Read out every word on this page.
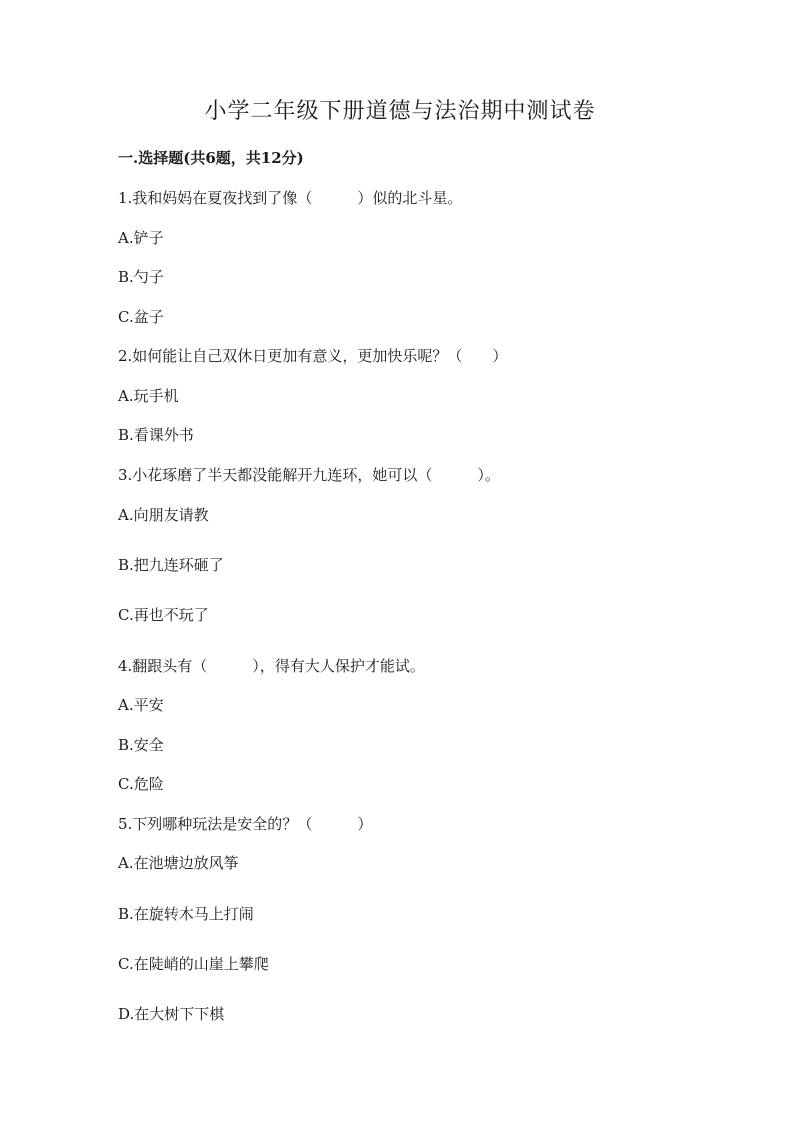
小学二年级下册道德与法治期中测试卷
一.选择题(共6题，共12分)
1.我和妈妈在夏夜找到了像（　　　）似的北斗星。
A.铲子
B.勺子
C.盆子
2.如何能让自己双休日更加有意义，更加快乐呢？（　　）
A.玩手机
B.看课外书
3.小花琢磨了半天都没能解开九连环，她可以（　　　）。
A.向朋友请教
B.把九连环砸了
C.再也不玩了
4.翻跟头有（　　　），得有大人保护才能试。
A.平安
B.安全
C.危险
5.下列哪种玩法是安全的？（　　　）
A.在池塘边放风筝
B.在旋转木马上打闹
C.在陡峭的山崖上攀爬
D.在大树下下棋
